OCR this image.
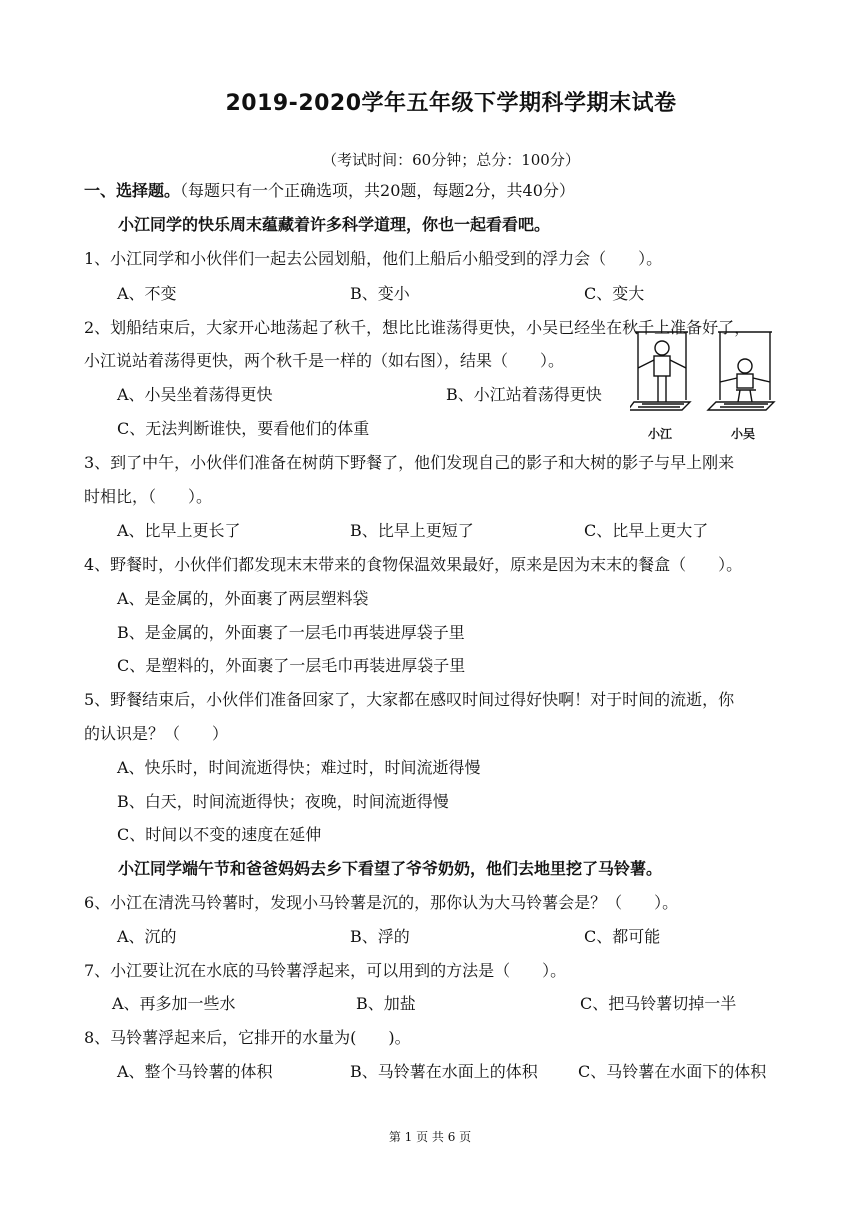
2019-2020学年五年级下学期科学期末试卷
（考试时间：60分钟；总分：100分）
一、选择题。（每题只有一个正确选项，共20题，每题2分，共40分）
小江同学的快乐周末蕴藏着许多科学道理，你也一起看看吧。
1、小江同学和小伙伴们一起去公园划船，他们上船后小船受到的浮力会（　　）。
A、不变	B、变小	C、变大
2、划船结束后，大家开心地荡起了秋千，想比比谁荡得更快，小吴已经坐在秋千上准备好了，
小江说站着荡得更快，两个秋千是一样的（如右图），结果（　　）。
A、小吴坐着荡得更快	B、小江站着荡得更快
C、无法判断谁快，要看他们的体重	小江	小吴
3、到了中午，小伙伴们准备在树荫下野餐了，他们发现自己的影子和大树的影子与早上刚来
时相比，（　　）。
A、比早上更长了	B、比早上更短了	C、比早上更大了
4、野餐时，小伙伴们都发现末末带来的食物保温效果最好，原来是因为末末的餐盒（　　）。
A、是金属的，外面裹了两层塑料袋
B、是金属的，外面裹了一层毛巾再装进厚袋子里
C、是塑料的，外面裹了一层毛巾再装进厚袋子里
5、野餐结束后，小伙伴们准备回家了，大家都在感叹时间过得好快啊！对于时间的流逝，你
的认识是？（　　）
A、快乐时，时间流逝得快；难过时，时间流逝得慢
B、白天，时间流逝得快；夜晚，时间流逝得慢
C、时间以不变的速度在延伸
小江同学端午节和爸爸妈妈去乡下看望了爷爷奶奶，他们去地里挖了马铃薯。
6、小江在清洗马铃薯时，发现小马铃薯是沉的，那你认为大马铃薯会是？（　　）。
A、沉的	B、浮的	C、都可能
7、小江要让沉在水底的马铃薯浮起来，可以用到的方法是（　　）。
A、再多加一些水	B、加盐	C、把马铃薯切掉一半
8、马铃薯浮起来后，它排开的水量为(　　)。
A、整个马铃薯的体积	B、马铃薯在水面上的体积	C、马铃薯在水面下的体积
第 1 页 共 6 页
